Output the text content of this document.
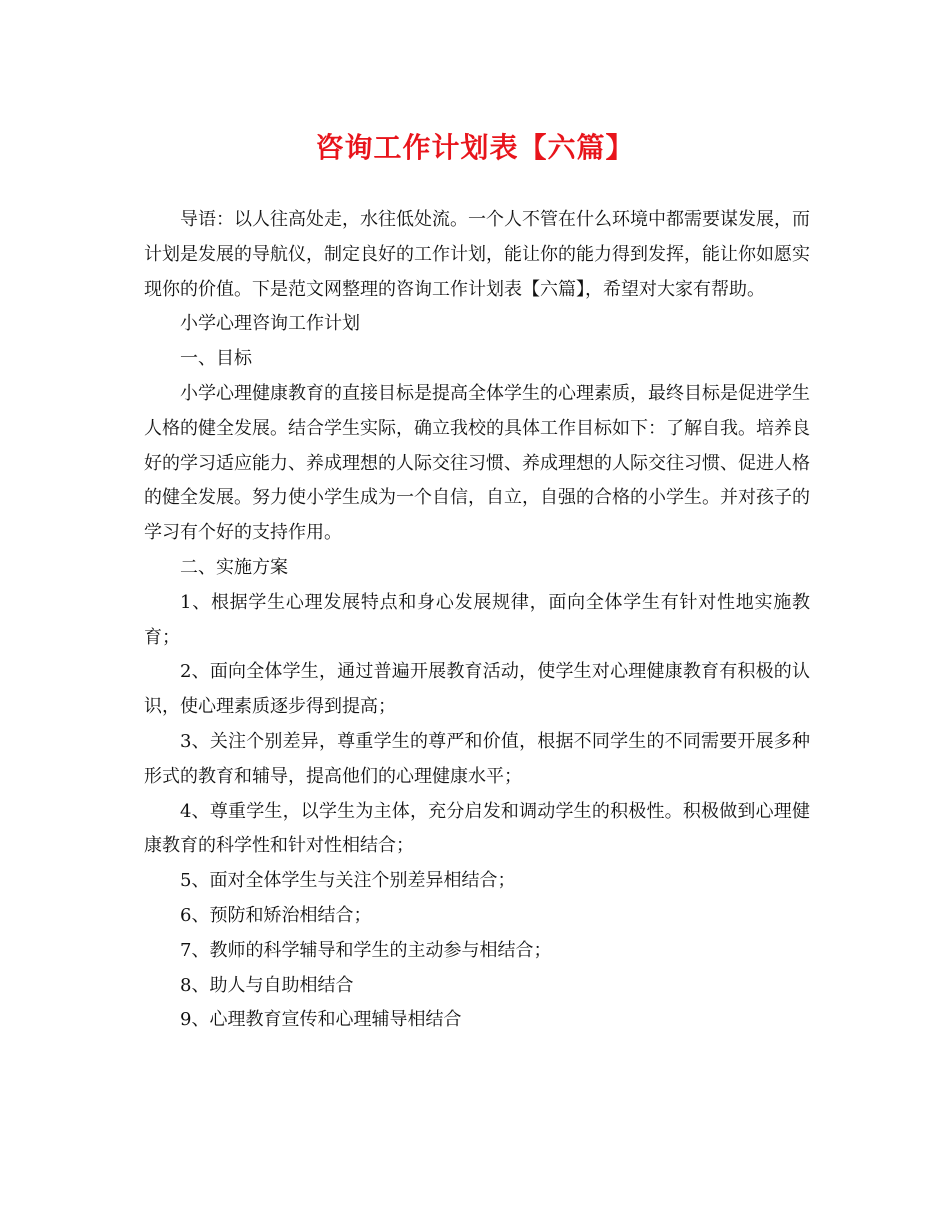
咨询工作计划表【六篇】

导语：以人往高处走，水往低处流。一个人不管在什么环境中都需要谋发展，而计划是发展的导航仪，制定良好的工作计划，能让你的能力得到发挥，能让你如愿实现你的价值。下是范文网整理的咨询工作计划表【六篇】，希望对大家有帮助。

小学心理咨询工作计划

一、目标

小学心理健康教育的直接目标是提高全体学生的心理素质，最终目标是促进学生人格的健全发展。结合学生实际，确立我校的具体工作目标如下：了解自我。培养良好的学习适应能力、养成理想的人际交往习惯、养成理想的人际交往习惯、促进人格的健全发展。努力使小学生成为一个自信，自立，自强的合格的小学生。并对孩子的学习有个好的支持作用。

二、实施方案

1、根据学生心理发展特点和身心发展规律，面向全体学生有针对性地实施教育；

2、面向全体学生，通过普遍开展教育活动，使学生对心理健康教育有积极的认识，使心理素质逐步得到提高；

3、关注个别差异，尊重学生的尊严和价值，根据不同学生的不同需要开展多种形式的教育和辅导，提高他们的心理健康水平；

4、尊重学生，以学生为主体，充分启发和调动学生的积极性。积极做到心理健康教育的科学性和针对性相结合；

5、面对全体学生与关注个别差异相结合；

6、预防和矫治相结合；

7、教师的科学辅导和学生的主动参与相结合；

8、助人与自助相结合

9、心理教育宣传和心理辅导相结合
